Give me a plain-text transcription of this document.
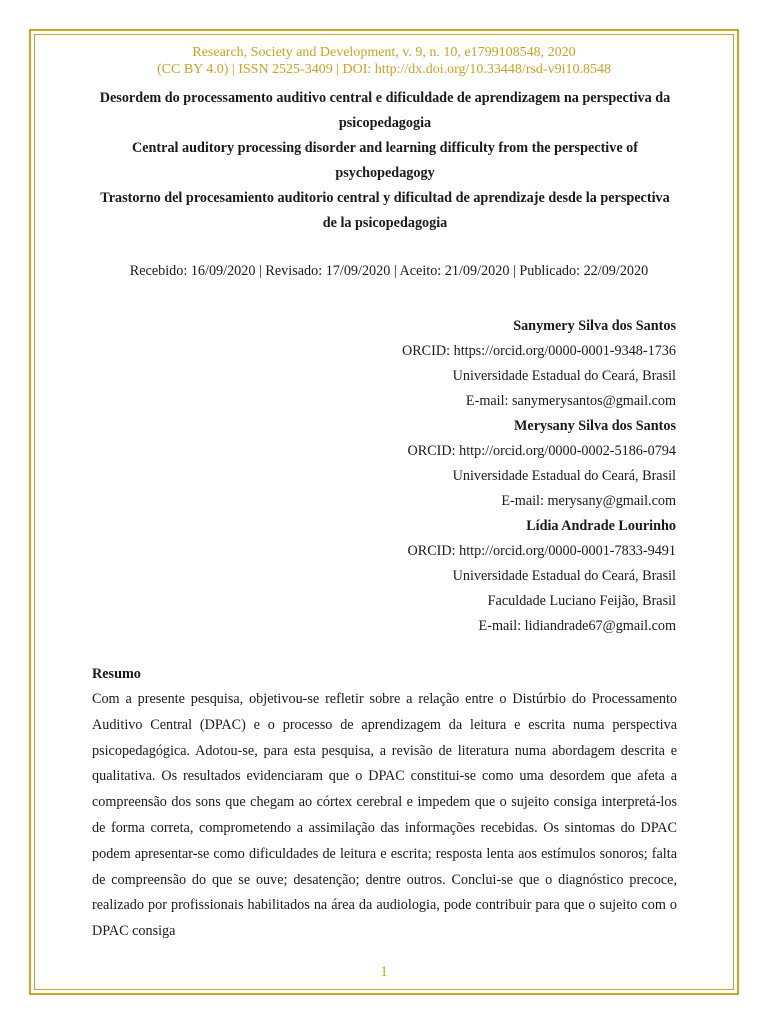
Research, Society and Development, v. 9, n. 10, e1799108548, 2020
(CC BY 4.0) | ISSN 2525-3409 | DOI: http://dx.doi.org/10.33448/rsd-v9i10.8548
Desordem do processamento auditivo central e dificuldade de aprendizagem na perspectiva da psicopedagogia
Central auditory processing disorder and learning difficulty from the perspective of psychopedagogy
Trastorno del procesamiento auditorio central y dificultad de aprendizaje desde la perspectiva de la psicopedagogia
Recebido: 16/09/2020 | Revisado: 17/09/2020 | Aceito: 21/09/2020 | Publicado: 22/09/2020
Sanymery Silva dos Santos
ORCID: https://orcid.org/0000-0001-9348-1736
Universidade Estadual do Ceará, Brasil
E-mail: sanymerysantos@gmail.com
Merysany Silva dos Santos
ORCID: http://orcid.org/0000-0002-5186-0794
Universidade Estadual do Ceará, Brasil
E-mail: merysany@gmail.com
Lídia Andrade Lourinho
ORCID: http://orcid.org/0000-0001-7833-9491
Universidade Estadual do Ceará, Brasil
Faculdade Luciano Feijão, Brasil
E-mail: lidiandrade67@gmail.com
Resumo
Com a presente pesquisa, objetivou-se refletir sobre a relação entre o Distúrbio do Processamento Auditivo Central (DPAC) e o processo de aprendizagem da leitura e escrita numa perspectiva psicopedagógica. Adotou-se, para esta pesquisa, a revisão de literatura numa abordagem descrita e qualitativa. Os resultados evidenciaram que o DPAC constitui-se como uma desordem que afeta a compreensão dos sons que chegam ao córtex cerebral e impedem que o sujeito consiga interpretá-los de forma correta, comprometendo a assimilação das informações recebidas. Os sintomas do DPAC podem apresentar-se como dificuldades de leitura e escrita; resposta lenta aos estímulos sonoros; falta de compreensão do que se ouve; desatenção; dentre outros. Conclui-se que o diagnóstico precoce, realizado por profissionais habilitados na área da audiologia, pode contribuir para que o sujeito com o DPAC consiga
1
